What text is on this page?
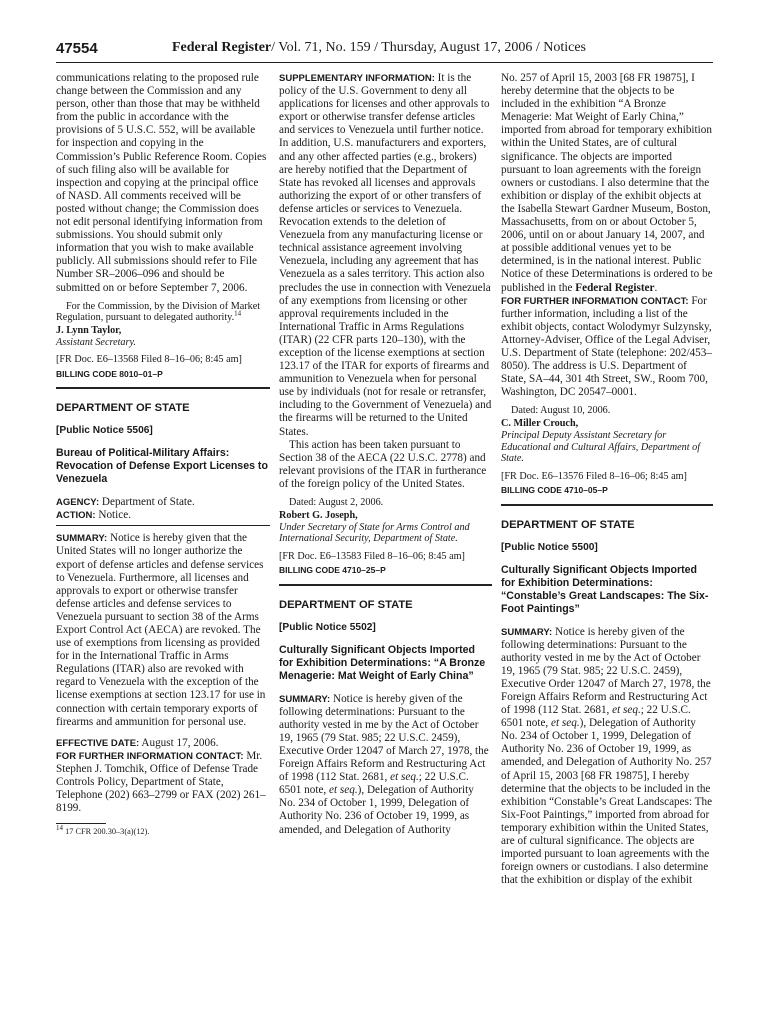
47554	Federal Register/ Vol. 71, No. 159 / Thursday, August 17, 2006 / Notices

communications relating to the proposed rule change between the Commission and any person, other than those that may be withheld from the public in accordance with the provisions of 5 U.S.C. 552, will be available for inspection and copying in the Commission’s Public Reference Room. Copies of such filing also will be available for inspection and copying at the principal office of NASD. All comments received will be posted without change; the Commission does not edit personal identifying information from submissions. You should submit only information that you wish to make available publicly. All submissions should refer to File Number SR–2006–096 and should be submitted on or before September 7, 2006.

For the Commission, by the Division of Market Regulation, pursuant to delegated authority.$^{14}$

J. Lynn Taylor,

Assistant Secretary.

[FR Doc. E6–13568 Filed 8–16–06; 8:45 am]

BILLING CODE 8010–01–P

DEPARTMENT OF STATE

[Public Notice 5506]

Bureau of Political-Military Affairs: Revocation of Defense Export Licenses to Venezuela

AGENCY: Department of State.

ACTION: Notice.

SUMMARY: Notice is hereby given that the United States will no longer authorize the export of defense articles and defense services to Venezuela. Furthermore, all licenses and approvals to export or otherwise transfer defense articles and defense services to Venezuela pursuant to section 38 of the Arms Export Control Act (AECA) are revoked. The use of exemptions from licensing as provided for in the International Traffic in Arms Regulations (ITAR) also are revoked with regard to Venezuela with the exception of the license exemptions at section 123.17 for use in connection with certain temporary exports of firearms and ammunition for personal use.

EFFECTIVE DATE: August 17, 2006.

FOR FURTHER INFORMATION CONTACT: Mr. Stephen J. Tomchik, Office of Defense Trade Controls Policy, Department of State, Telephone (202) 663–2799 or FAX (202) 261–8199.

$^{14}$ 17 CFR 200.30–3(a)(12).

SUPPLEMENTARY INFORMATION: It is the policy of the U.S. Government to deny all applications for licenses and other approvals to export or otherwise transfer defense articles and services to Venezuela until further notice. In addition, U.S. manufacturers and exporters, and any other affected parties (e.g., brokers) are hereby notified that the Department of State has revoked all licenses and approvals authorizing the export of or other transfers of defense articles or services to Venezuela. Revocation extends to the deletion of Venezuela from any manufacturing license or technical assistance agreement involving Venezuela, including any agreement that has Venezuela as a sales territory. This action also precludes the use in connection with Venezuela of any exemptions from licensing or other approval requirements included in the International Traffic in Arms Regulations (ITAR) (22 CFR parts 120–130), with the exception of the license exemptions at section 123.17 of the ITAR for exports of firearms and ammunition to Venezuela when for personal use by individuals (not for resale or retransfer, including to the Government of Venezuela) and the firearms will be returned to the United States.

This action has been taken pursuant to Section 38 of the AECA (22 U.S.C. 2778) and relevant provisions of the ITAR in furtherance of the foreign policy of the United States.

Dated: August 2, 2006.

Robert G. Joseph,

Under Secretary of State for Arms Control and International Security, Department of State.

[FR Doc. E6–13583 Filed 8–16–06; 8:45 am]

BILLING CODE 4710–25–P

DEPARTMENT OF STATE

[Public Notice 5502]

Culturally Significant Objects Imported for Exhibition Determinations: “A Bronze Menagerie: Mat Weight of Early China”

SUMMARY: Notice is hereby given of the following determinations: Pursuant to the authority vested in me by the Act of October 19, 1965 (79 Stat. 985; 22 U.S.C. 2459), Executive Order 12047 of March 27, 1978, the Foreign Affairs Reform and Restructuring Act of 1998 (112 Stat. 2681, et seq.; 22 U.S.C. 6501 note, et seq.), Delegation of Authority No. 234 of October 1, 1999, Delegation of Authority No. 236 of October 19, 1999, as amended, and Delegation of Authority

No. 257 of April 15, 2003 [68 FR 19875], I hereby determine that the objects to be included in the exhibition “A Bronze Menagerie: Mat Weight of Early China,” imported from abroad for temporary exhibition within the United States, are of cultural significance. The objects are imported pursuant to loan agreements with the foreign owners or custodians. I also determine that the exhibition or display of the exhibit objects at the Isabella Stewart Gardner Museum, Boston, Massachusetts, from on or about October 5, 2006, until on or about January 14, 2007, and at possible additional venues yet to be determined, is in the national interest. Public Notice of these Determinations is ordered to be published in the Federal Register.

FOR FURTHER INFORMATION CONTACT: For further information, including a list of the exhibit objects, contact Wolodymyr Sulzynsky, Attorney-Adviser, Office of the Legal Adviser, U.S. Department of State (telephone: 202/453–8050). The address is U.S. Department of State, SA–44, 301 4th Street, SW., Room 700, Washington, DC 20547–0001.

Dated: August 10, 2006.

C. Miller Crouch,

Principal Deputy Assistant Secretary for Educational and Cultural Affairs, Department of State.

[FR Doc. E6–13576 Filed 8–16–06; 8:45 am]

BILLING CODE 4710–05–P

DEPARTMENT OF STATE

[Public Notice 5500]

Culturally Significant Objects Imported for Exhibition Determinations: “Constable’s Great Landscapes: The Six-Foot Paintings”

SUMMARY: Notice is hereby given of the following determinations: Pursuant to the authority vested in me by the Act of October 19, 1965 (79 Stat. 985; 22 U.S.C. 2459), Executive Order 12047 of March 27, 1978, the Foreign Affairs Reform and Restructuring Act of 1998 (112 Stat. 2681, et seq.; 22 U.S.C. 6501 note, et seq.), Delegation of Authority No. 234 of October 1, 1999, Delegation of Authority No. 236 of October 19, 1999, as amended, and Delegation of Authority No. 257 of April 15, 2003 [68 FR 19875], I hereby determine that the objects to be included in the exhibition “Constable’s Great Landscapes: The Six-Foot Paintings,” imported from abroad for temporary exhibition within the United States, are of cultural significance. The objects are imported pursuant to loan agreements with the foreign owners or custodians. I also determine that the exhibition or display of the exhibit
